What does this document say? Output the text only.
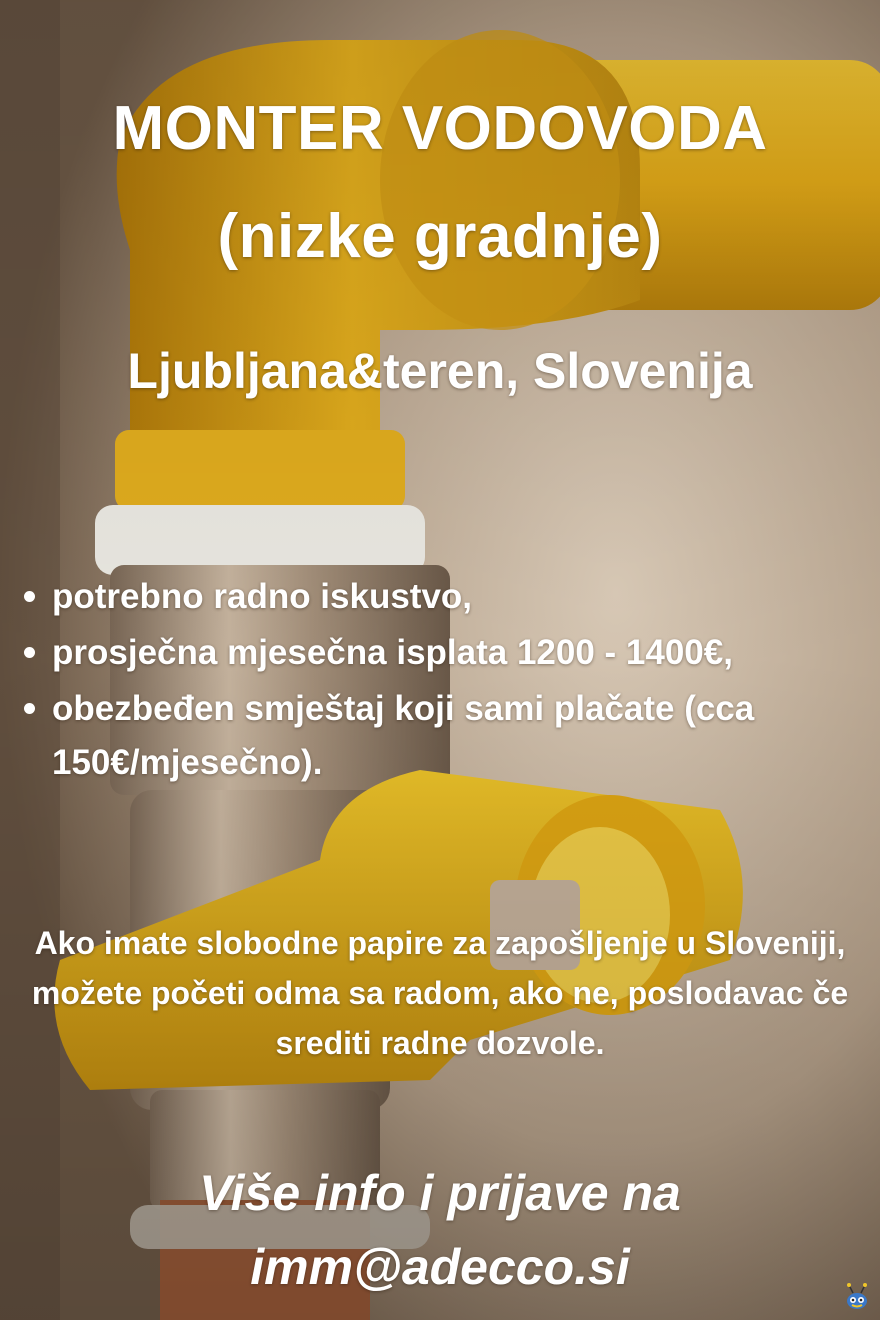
MONTER VODOVODA
(nizke gradnje)
Ljubljana&teren, Slovenija
potrebno radno iskustvo,
prosječna mjesečna isplata 1200 - 1400€,
obezbeđen smještaj koji sami plačate (cca 150€/mjesečno).

Ako imate slobodne papire za zapošljenje u Sloveniji, možete početi odma sa radom, ako ne, poslodavac če srediti radne dozvole.

Više info i prijave na

imm@adecco.si
